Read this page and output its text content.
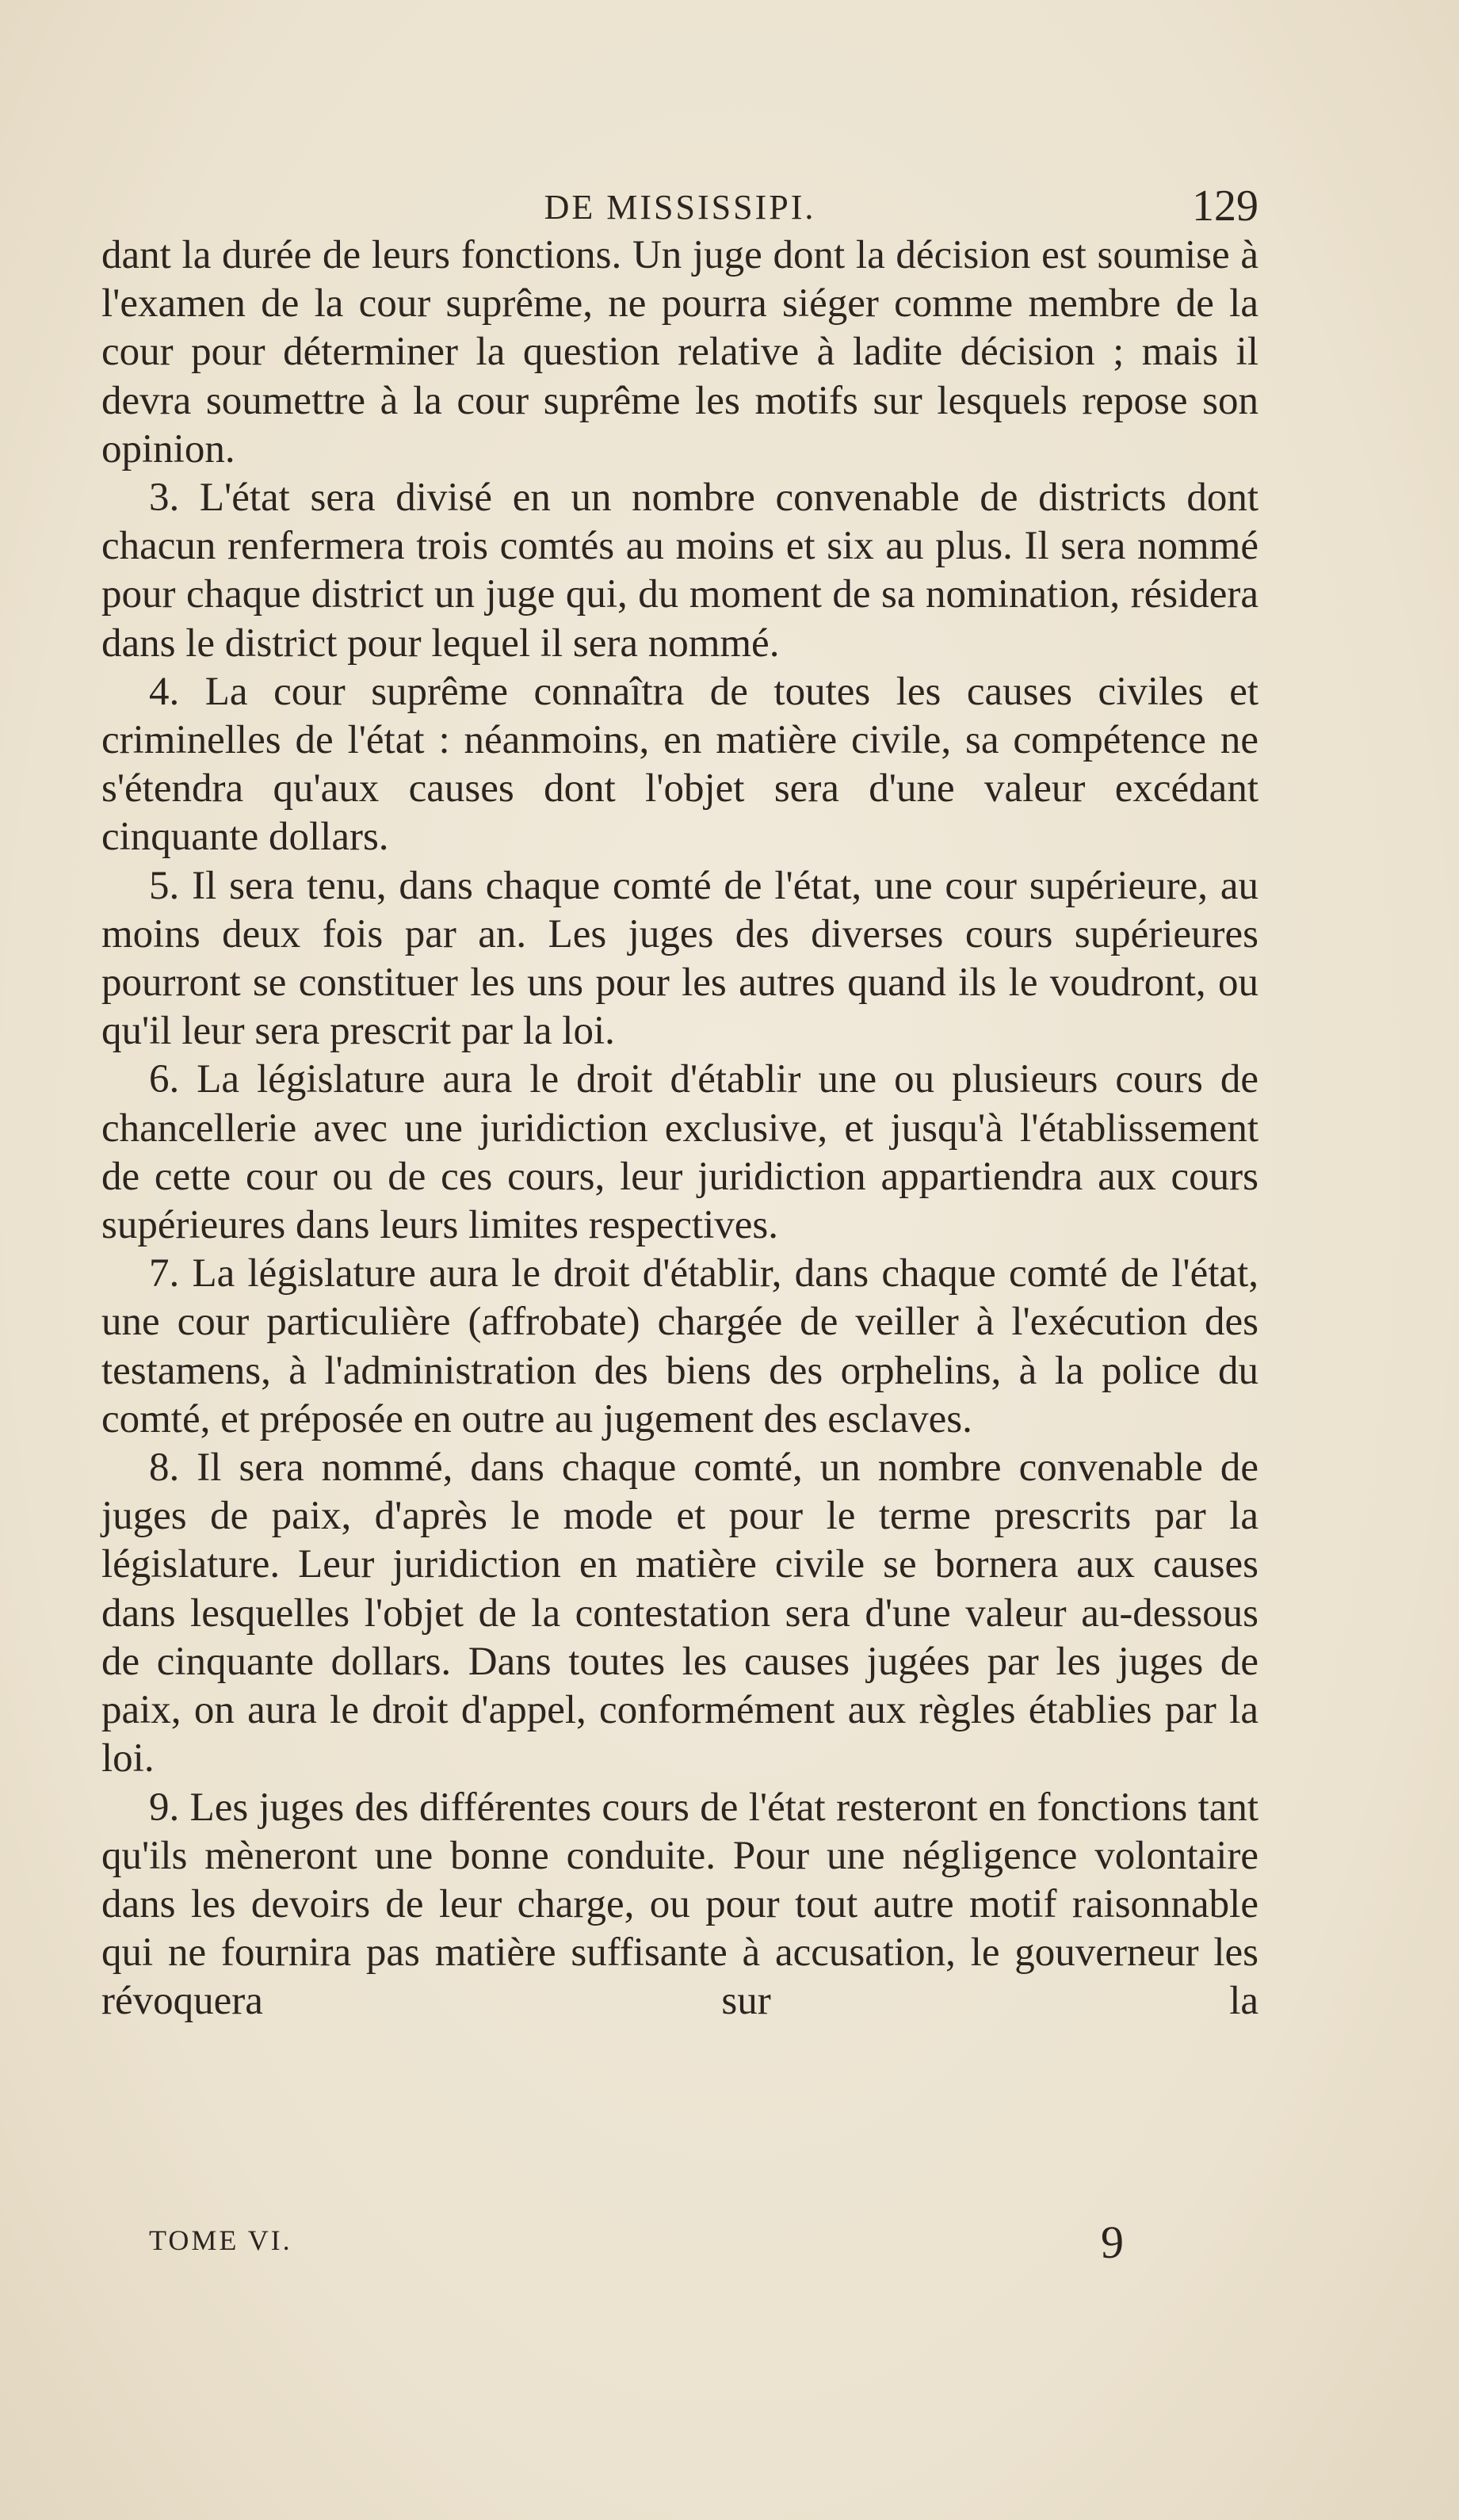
DE MISSISSIPI.	129

dant la durée de leurs fonctions. Un juge dont la décision est soumise à l'examen de la cour suprême, ne pourra siéger comme membre de la cour pour déterminer la question relative à ladite décision ; mais il devra soumettre à la cour suprême les motifs sur lesquels repose son opinion.

3. L'état sera divisé en un nombre convenable de districts dont chacun renfermera trois comtés au moins et six au plus. Il sera nommé pour chaque district un juge qui, du moment de sa nomination, résidera dans le district pour lequel il sera nommé.

4. La cour suprême connaîtra de toutes les causes civiles et criminelles de l'état : néanmoins, en matière civile, sa compétence ne s'étendra qu'aux causes dont l'objet sera d'une valeur excédant cinquante dollars.

5. Il sera tenu, dans chaque comté de l'état, une cour supérieure, au moins deux fois par an. Les juges des diverses cours supérieures pourront se constituer les uns pour les autres quand ils le voudront, ou qu'il leur sera prescrit par la loi.

6. La législature aura le droit d'établir une ou plusieurs cours de chancellerie avec une juridiction exclusive, et jusqu'à l'établissement de cette cour ou de ces cours, leur juridiction appartiendra aux cours supérieures dans leurs limites respectives.

7. La législature aura le droit d'établir, dans chaque comté de l'état, une cour particulière (affrobate) chargée de veiller à l'exécution des testamens, à l'administration des biens des orphelins, à la police du comté, et préposée en outre au jugement des esclaves.

8. Il sera nommé, dans chaque comté, un nombre convenable de juges de paix, d'après le mode et pour le terme prescrits par la législature. Leur juridiction en matière civile se bornera aux causes dans lesquelles l'objet de la contestation sera d'une valeur au-dessous de cinquante dollars. Dans toutes les causes jugées par les juges de paix, on aura le droit d'appel, conformément aux règles établies par la loi.

9. Les juges des différentes cours de l'état resteront en fonctions tant qu'ils mèneront une bonne conduite. Pour une négligence volontaire dans les devoirs de leur charge, ou pour tout autre motif raisonnable qui ne fournira pas matière suffisante à accusation, le gouverneur les révoquera sur la

TOME VI.	9
